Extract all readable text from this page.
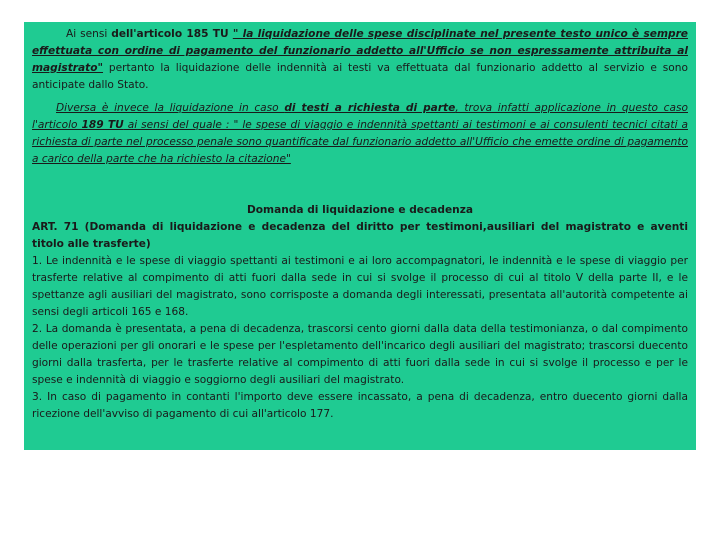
Ai sensi dell'articolo 185 TU " la liquidazione delle spese disciplinate nel presente testo unico è sempre effettuata con ordine di pagamento del funzionario addetto all'Ufficio se non espressamente attribuita al magistrato" pertanto la liquidazione delle indennità ai testi va effettuata dal funzionario addetto al servizio e sono anticipate dallo Stato.
Diversa è invece la liquidazione in caso di testi a richiesta di parte, trova infatti applicazione in questo caso l'articolo 189 TU ai sensi del quale : " le spese di viaggio e indennità spettanti ai testimoni e ai consulenti tecnici citati a richiesta di parte nel processo penale sono quantificate dal funzionario addetto all'Ufficio che emette ordine di pagamento a carico della parte che ha richiesto la citazione"
Domanda di liquidazione e decadenza
ART. 71 (Domanda di liquidazione e decadenza del diritto per testimoni,ausiliari del magistrato e aventi titolo alle trasferte)
1. Le indennità e le spese di viaggio spettanti ai testimoni e ai loro accompagnatori, le indennità e le spese di viaggio per trasferte relative al compimento di atti fuori dalla sede in cui si svolge il processo di cui al titolo V della parte II, e le spettanze agli ausiliari del magistrato, sono corrisposte a domanda degli interessati, presentata all'autorità competente ai sensi degli articoli 165 e 168.
2. La domanda è presentata, a pena di decadenza, trascorsi cento giorni dalla data della testimonianza, o dal compimento delle operazioni per gli onorari e le spese per l'espletamento dell'incarico degli ausiliari del magistrato; trascorsi duecento giorni dalla trasferta, per le trasferte relative al compimento di atti fuori dalla sede in cui si svolge il processo e per le spese e indennità di viaggio e soggiorno degli ausiliari del magistrato.
3. In caso di pagamento in contanti l'importo deve essere incassato, a pena di decadenza, entro duecento giorni dalla ricezione dell'avviso di pagamento di cui all'articolo 177.
